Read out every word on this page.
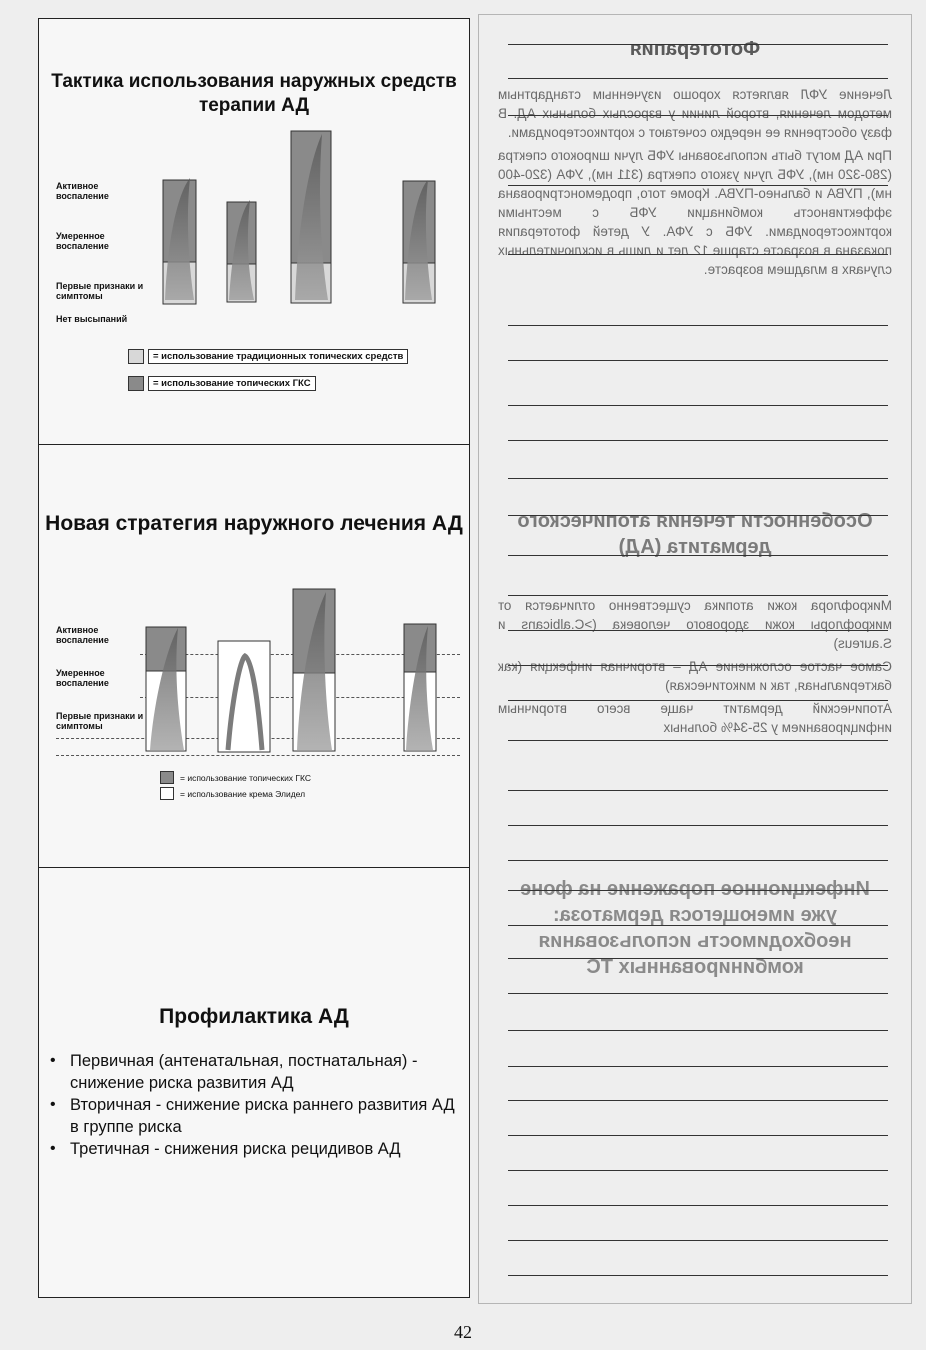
Тактика использования наружных средств терапии АД
Активное воспаление
Умеренное воспаление
Первые признаки и симптомы
Нет высыпаний
= использование традиционных топических средств
= использование топических ГКС
Новая стратегия наружного лечения АД
Активное воспаление
Умеренное воспаление
Первые признаки и симптомы
= использование топических ГКС
= использование крема Элидел
Профилактика АД
• Первичная (антенатальная, постнатальная) - снижение риска развития АД
• Вторичная - снижение риска раннего развития АД в группе риска
• Третичная - снижения риска рецидивов АД
Фототерапия
Лечение УФЛ является хорошо изученным стандартным методом лечения, второй линии у взрослых больных АД. В фазу обострения ее нередко сочетают с кортикостероидами.
При АД могут быть использованы УФБ лучи широкого спектра (280-320 нм), УФБ лучи узкого спектра (311 нм), УФА (320-400 нм), ПУВА и бальнео-ПУВА. Кроме того, продемонстрирована эффективность комбинации УФБ с местными кортикостероидами. УФБ с УФА. У детей фототерапия показана в возрасте старше 12 лет и лишь в исключительных случаях в младшем возрасте.
Особенности течения атопического дерматита (АД)
Микрофлора кожи атопика существенно отличается от микрофлоры кожи здорового человека (>C.albicans и S.aureus)
Самое частое осложнение АД – вторичная инфекция (как бактериальная, так и микотическая)
Атопический дерматит чаще всего вторичным инфицированием у 25-34% больных
Инфекционное поражение на фоне уже имеющегося дерматоза: необходимость использования комбинированных ТС
42
